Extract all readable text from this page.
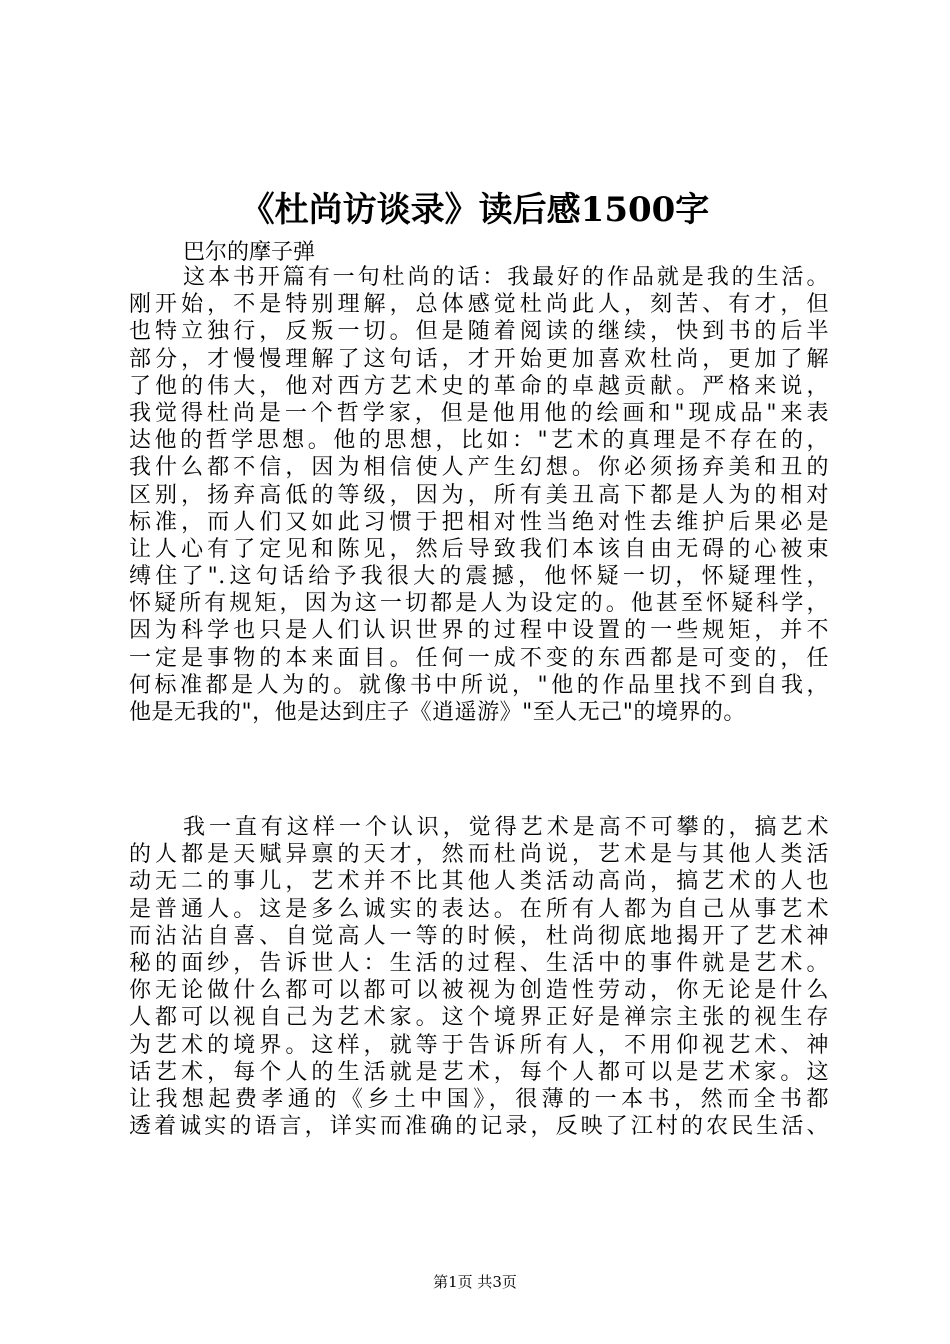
《杜尚访谈录》读后感1500字

巴尔的摩子弹

这本书开篇有一句杜尚的话：我最好的作品就是我的生活。
刚开始，不是特别理解，总体感觉杜尚此人，刻苦、有才，但
也特立独行，反叛一切。但是随着阅读的继续，快到书的后半
部分，才慢慢理解了这句话，才开始更加喜欢杜尚，更加了解
了他的伟大，他对西方艺术史的革命的卓越贡献。严格来说，
我觉得杜尚是一个哲学家，但是他用他的绘画和"现成品"来表
达他的哲学思想。他的思想，比如："艺术的真理是不存在的，
我什么都不信，因为相信使人产生幻想。你必须扬弃美和丑的
区别，扬弃高低的等级，因为，所有美丑高下都是人为的相对
标准，而人们又如此习惯于把相对性当绝对性去维护后果必是
让人心有了定见和陈见，然后导致我们本该自由无碍的心被束
缚住了".这句话给予我很大的震撼，他怀疑一切，怀疑理性，
怀疑所有规矩，因为这一切都是人为设定的。他甚至怀疑科学，
因为科学也只是人们认识世界的过程中设置的一些规矩，并不
一定是事物的本来面目。任何一成不变的东西都是可变的，任
何标准都是人为的。就像书中所说，"他的作品里找不到自我，
他是无我的"，他是达到庄子《逍遥游》"至人无己"的境界的。
我一直有这样一个认识，觉得艺术是高不可攀的，搞艺术
的人都是天赋异禀的天才，然而杜尚说，艺术是与其他人类活
动无二的事儿，艺术并不比其他人类活动高尚，搞艺术的人也
是普通人。这是多么诚实的表达。在所有人都为自己从事艺术
而沾沾自喜、自觉高人一等的时候，杜尚彻底地揭开了艺术神
秘的面纱，告诉世人：生活的过程、生活中的事件就是艺术。
你无论做什么都可以都可以被视为创造性劳动，你无论是什么
人都可以视自己为艺术家。这个境界正好是禅宗主张的视生存
为艺术的境界。这样，就等于告诉所有人，不用仰视艺术、神
话艺术，每个人的生活就是艺术，每个人都可以是艺术家。这
让我想起费孝通的《乡土中国》，很薄的一本书，然而全书都
透着诚实的语言，详实而准确的记录，反映了江村的农民生活、

第1页 共3页
